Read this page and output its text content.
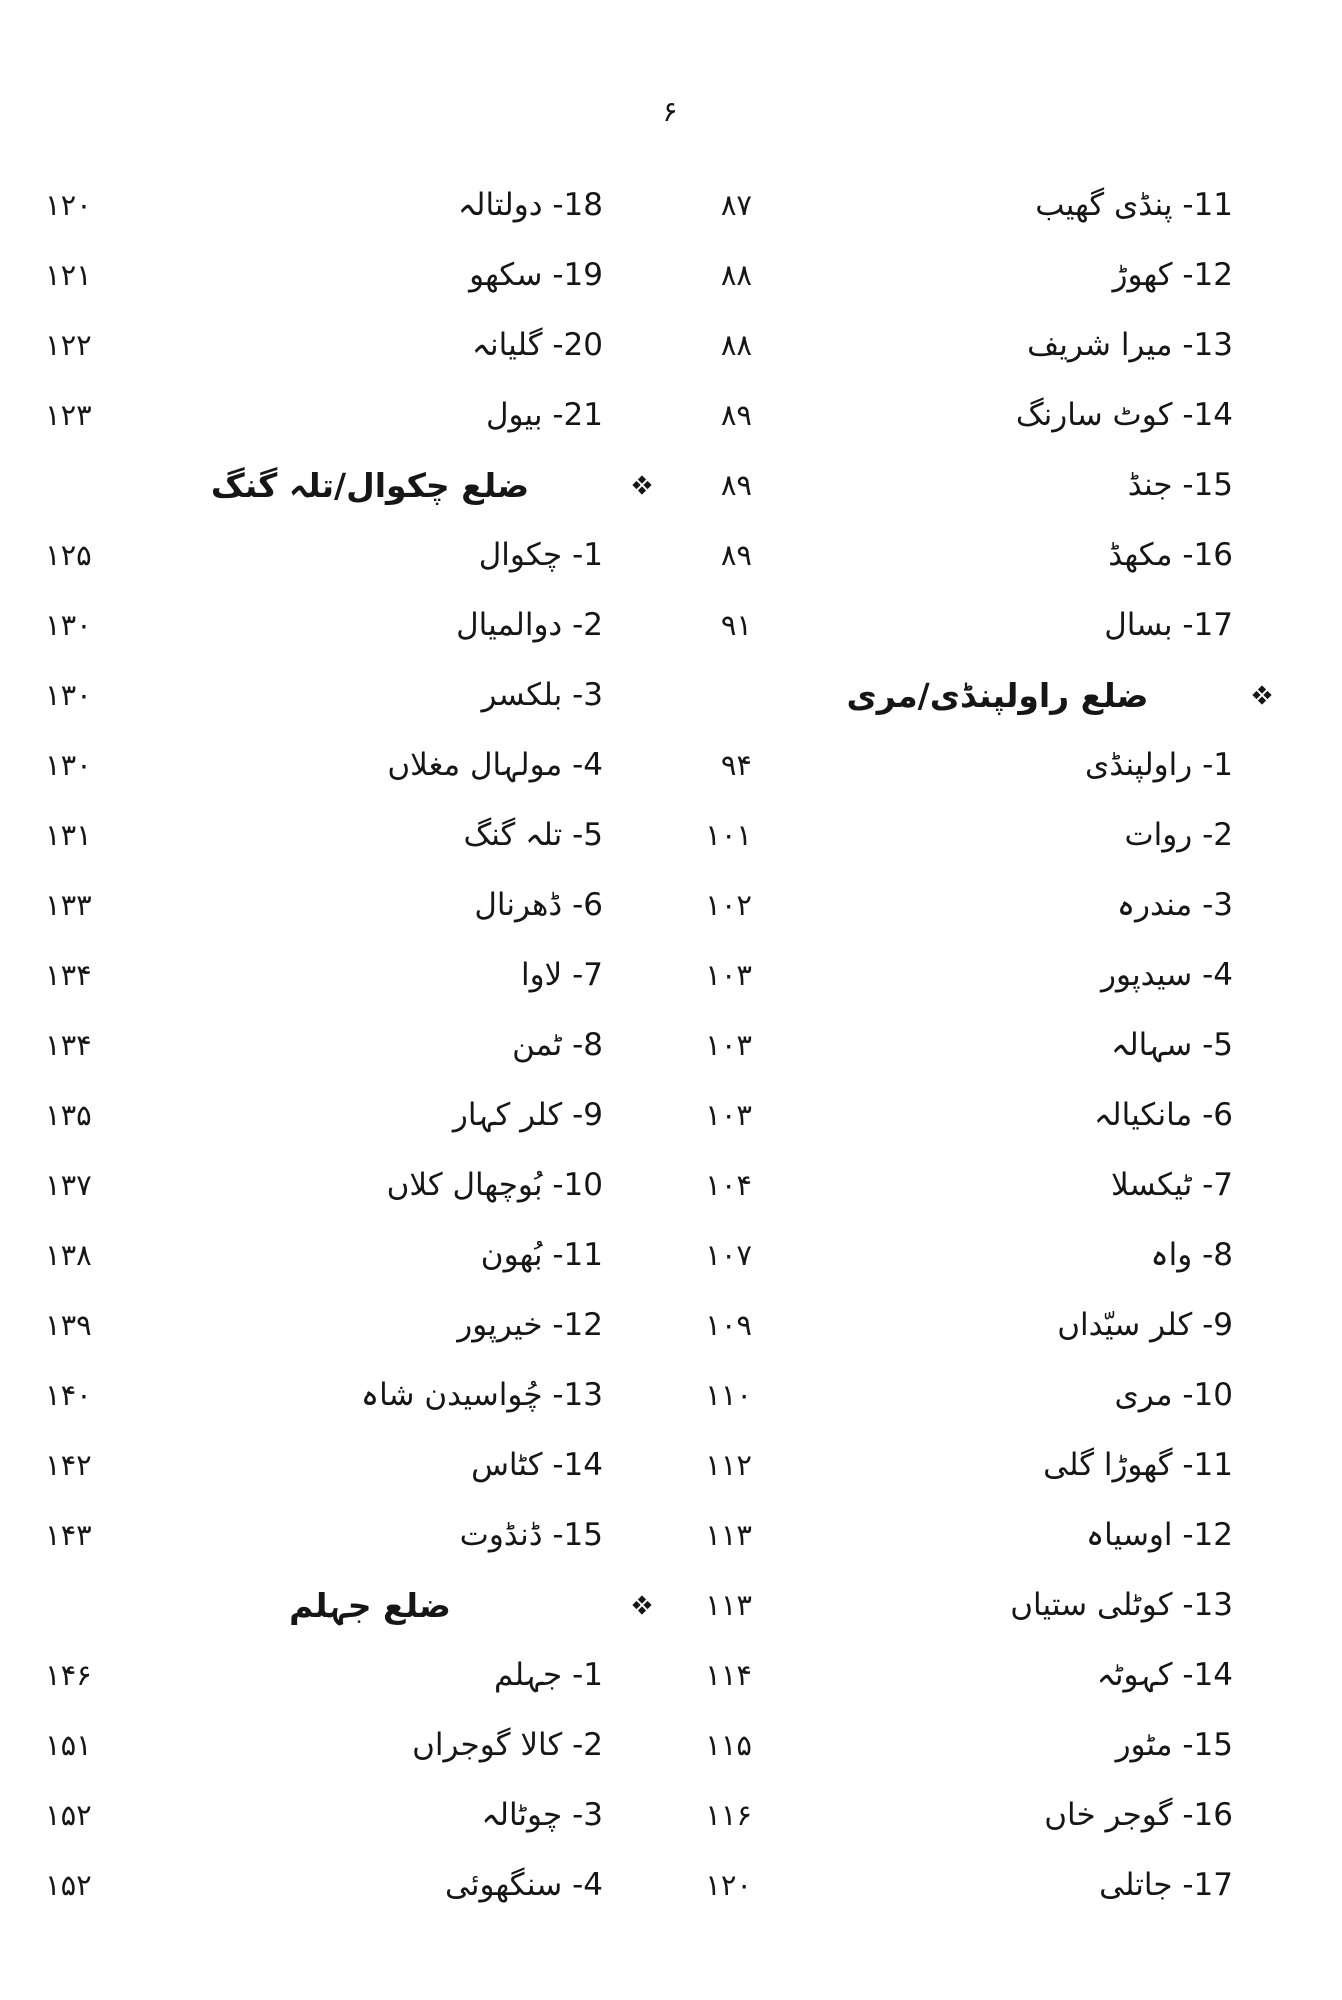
۶
۱۲۰	18- دولتالہ	۸۷	11- پنڈی گھیب
۱۲۱	19- سکھو	۸۸	12- کھوڑ
۱۲۲	20- گلیانہ	۸۸	13- میرا شریف
۱۲۳	21- بیول	۸۹	14- کوٹ سارنگ
ضلع چکوال/تلہ گنگ	۸۹	15- جنڈ
۱۲۵	1- چکوال	۸۹	16- مکھڈ
۱۳۰	2- دوالمیال	۹۱	17- بسال
۱۳۰	3- بلکسر	ضلع راولپنڈی/مری
۱۳۰	4- مولہال مغلاں	۹۴	1- راولپنڈی
۱۳۱	5- تلہ گنگ	۱۰۱	2- روات
۱۳۳	6- ڈھرنال	۱۰۲	3- مندرہ
۱۳۴	7- لاوا	۱۰۳	4- سیدپور
۱۳۴	8- ٹمن	۱۰۳	5- سہالہ
۱۳۵	9- کلر کہار	۱۰۳	6- مانکیالہ
۱۳۷	10- بُوچھال کلاں	۱۰۴	7- ٹیکسلا
۱۳۸	11- بُھون	۱۰۷	8- واہ
۱۳۹	12- خیرپور	۱۰۹	9- کلر سیّداں
۱۴۰	13- چُواسیدن شاہ	۱۱۰	10- مری
۱۴۲	14- کٹاس	۱۱۲	11- گھوڑا گلی
۱۴۳	15- ڈنڈوت	۱۱۳	12- اوسیاہ
ضلع جہلم	۱۱۳	13- کوٹلی ستیاں
۱۴۶	1- جہلم	۱۱۴	14- کہوٹہ
۱۵۱	2- کالا گوجراں	۱۱۵	15- مٹور
۱۵۲	3- چوٹالہ	۱۱۶	16- گوجر خاں
۱۵۲	4- سنگھوئی	۱۲۰	17- جاتلی
